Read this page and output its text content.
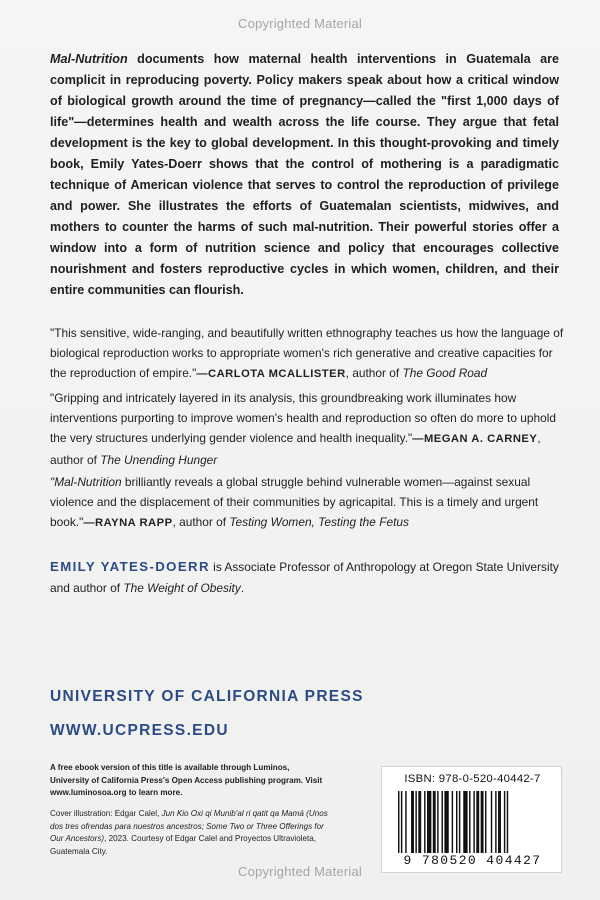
Copyrighted Material

Mal-Nutrition documents how maternal health interventions in Guatemala are complicit in reproducing poverty. Policy makers speak about how a critical window of biological growth around the time of pregnancy—called the "first 1,000 days of life"—determines health and wealth across the life course. They argue that fetal development is the key to global development. In this thought-provoking and timely book, Emily Yates-Doerr shows that the control of mothering is a paradigmatic technique of American violence that serves to control the reproduction of privilege and power. She illustrates the efforts of Guatemalan scientists, midwives, and mothers to counter the harms of such mal-nutrition. Their powerful stories offer a window into a form of nutrition science and policy that encourages collective nourishment and fosters reproductive cycles in which women, children, and their entire communities can flourish.

"This sensitive, wide-ranging, and beautifully written ethnography teaches us how the language of biological reproduction works to appropriate women's rich generative and creative capacities for the reproduction of empire."—CARLOTA MCALLISTER, author of The Good Road

"Gripping and intricately layered in its analysis, this groundbreaking work illuminates how interventions purporting to improve women's health and reproduction so often do more to uphold the very structures underlying gender violence and health inequality."—MEGAN A. CARNEY, author of The Unending Hunger

"Mal-Nutrition brilliantly reveals a global struggle behind vulnerable women—against sexual violence and the displacement of their communities by agricapital. This is a timely and urgent book."—RAYNA RAPP, author of Testing Women, Testing the Fetus

EMILY YATES-DOERR is Associate Professor of Anthropology at Oregon State University and author of The Weight of Obesity.

UNIVERSITY OF CALIFORNIA PRESS
WWW.UCPRESS.EDU

A free ebook version of this title is available through Luminos, University of California Press's Open Access publishing program. Visit www.luminosoa.org to learn more.

Cover illustration: Edgar Calel, Jun Kio Oxi qi Munib'al ri qatit qa Mamá (Unos dos tres ofrendas para nuestros ancestros; Some Two or Three Offerings for Our Ancestors), 2023. Courtesy of Edgar Calel and Proyectos Ultravioleta, Guatemala City.

ISBN: 978-0-520-40442-7
9 780520 404427
Copyrighted Material
